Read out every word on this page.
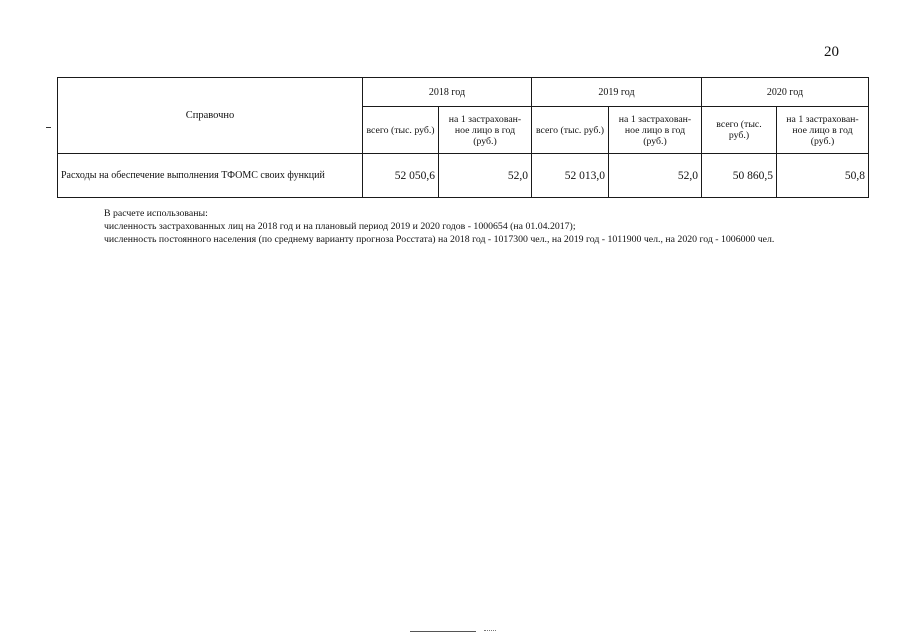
20
Справочно	2018 год		2019 год		2020 год	
	всего (тыс. руб.)	на 1 застрахован-ное лицо в год (руб.)	всего (тыс. руб.)	на 1 застрахован-ное лицо в год (руб.)	всего (тыс. руб.)	на 1 застрахован-ное лицо в год (руб.)
Расходы на обеспечение выполнения ТФОМС своих функций	52 050,6	52,0	52 013,0	52,0	50 860,5	50,8
В расчете использованы:
численность застрахованных лиц на 2018 год и на плановый период 2019 и 2020 годов - 1000654 (на 01.04.2017);
численность постоянного населения (по среднему варианту прогноза Росстата) на 2018 год - 1017300 чел., на 2019 год - 1011900 чел., на 2020 год - 1006000 чел.
